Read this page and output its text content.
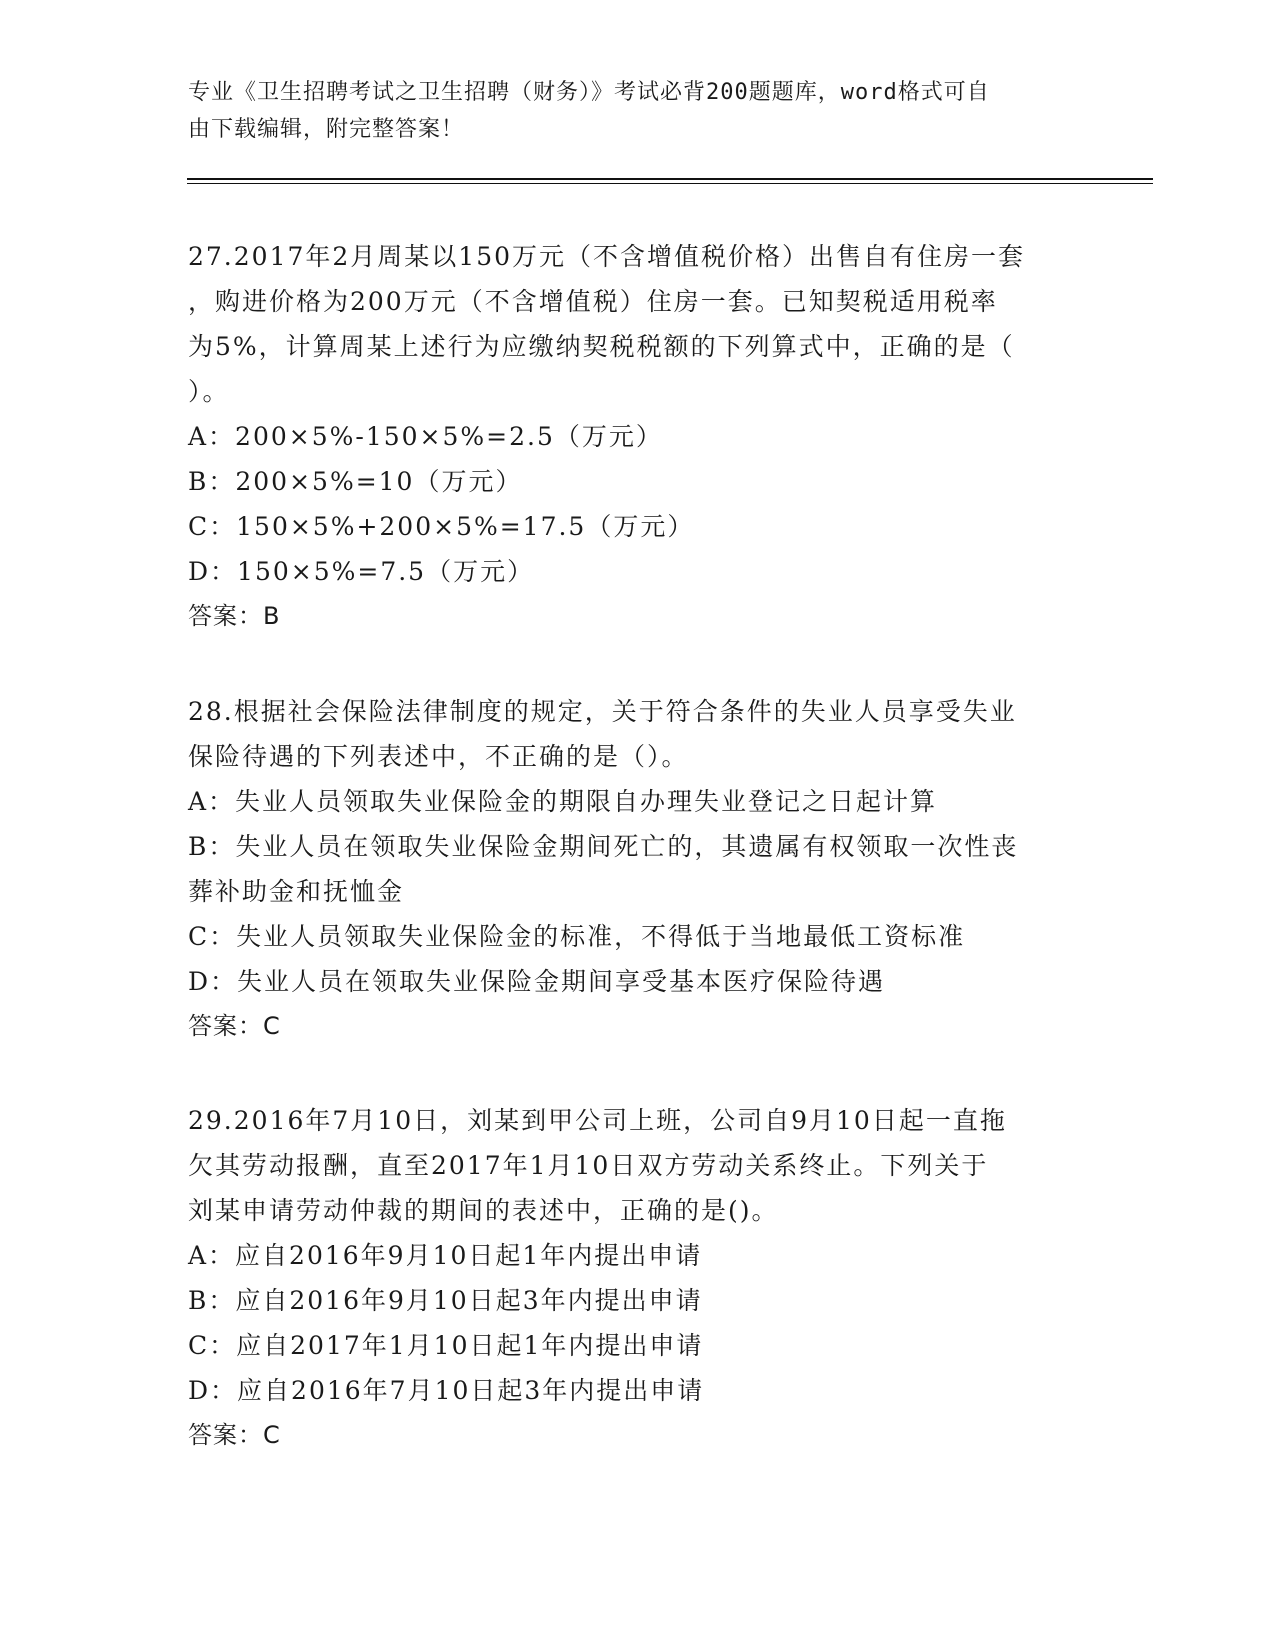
专业《卫生招聘考试之卫生招聘（财务）》考试必背200题题库，word格式可自
由下载编辑，附完整答案！

27.2017年2月周某以150万元（不含增值税价格）出售自有住房一套

，购进价格为200万元（不含增值税）住房一套。已知契税适用税率

为5%，计算周某上述行为应缴纳契税税额的下列算式中，正确的是（

）。

A：200×5%-150×5%=2.5（万元）

B：200×5%=10（万元）

C：150×5%+200×5%=17.5（万元）

D：150×5%=7.5（万元）

答案：B

28.根据社会保险法律制度的规定，关于符合条件的失业人员享受失业

保险待遇的下列表述中，不正确的是（）。

A：失业人员领取失业保险金的期限自办理失业登记之日起计算

B：失业人员在领取失业保险金期间死亡的，其遗属有权领取一次性丧

葬补助金和抚恤金

C：失业人员领取失业保险金的标准，不得低于当地最低工资标准

D：失业人员在领取失业保险金期间享受基本医疗保险待遇

答案：C

29.2016年7月10日，刘某到甲公司上班，公司自9月10日起一直拖

欠其劳动报酬，直至2017年1月10日双方劳动关系终止。下列关于

刘某申请劳动仲裁的期间的表述中，正确的是()。

A：应自2016年9月10日起1年内提出申请

B：应自2016年9月10日起3年内提出申请

C：应自2017年1月10日起1年内提出申请

D：应自2016年7月10日起3年内提出申请

答案：C
